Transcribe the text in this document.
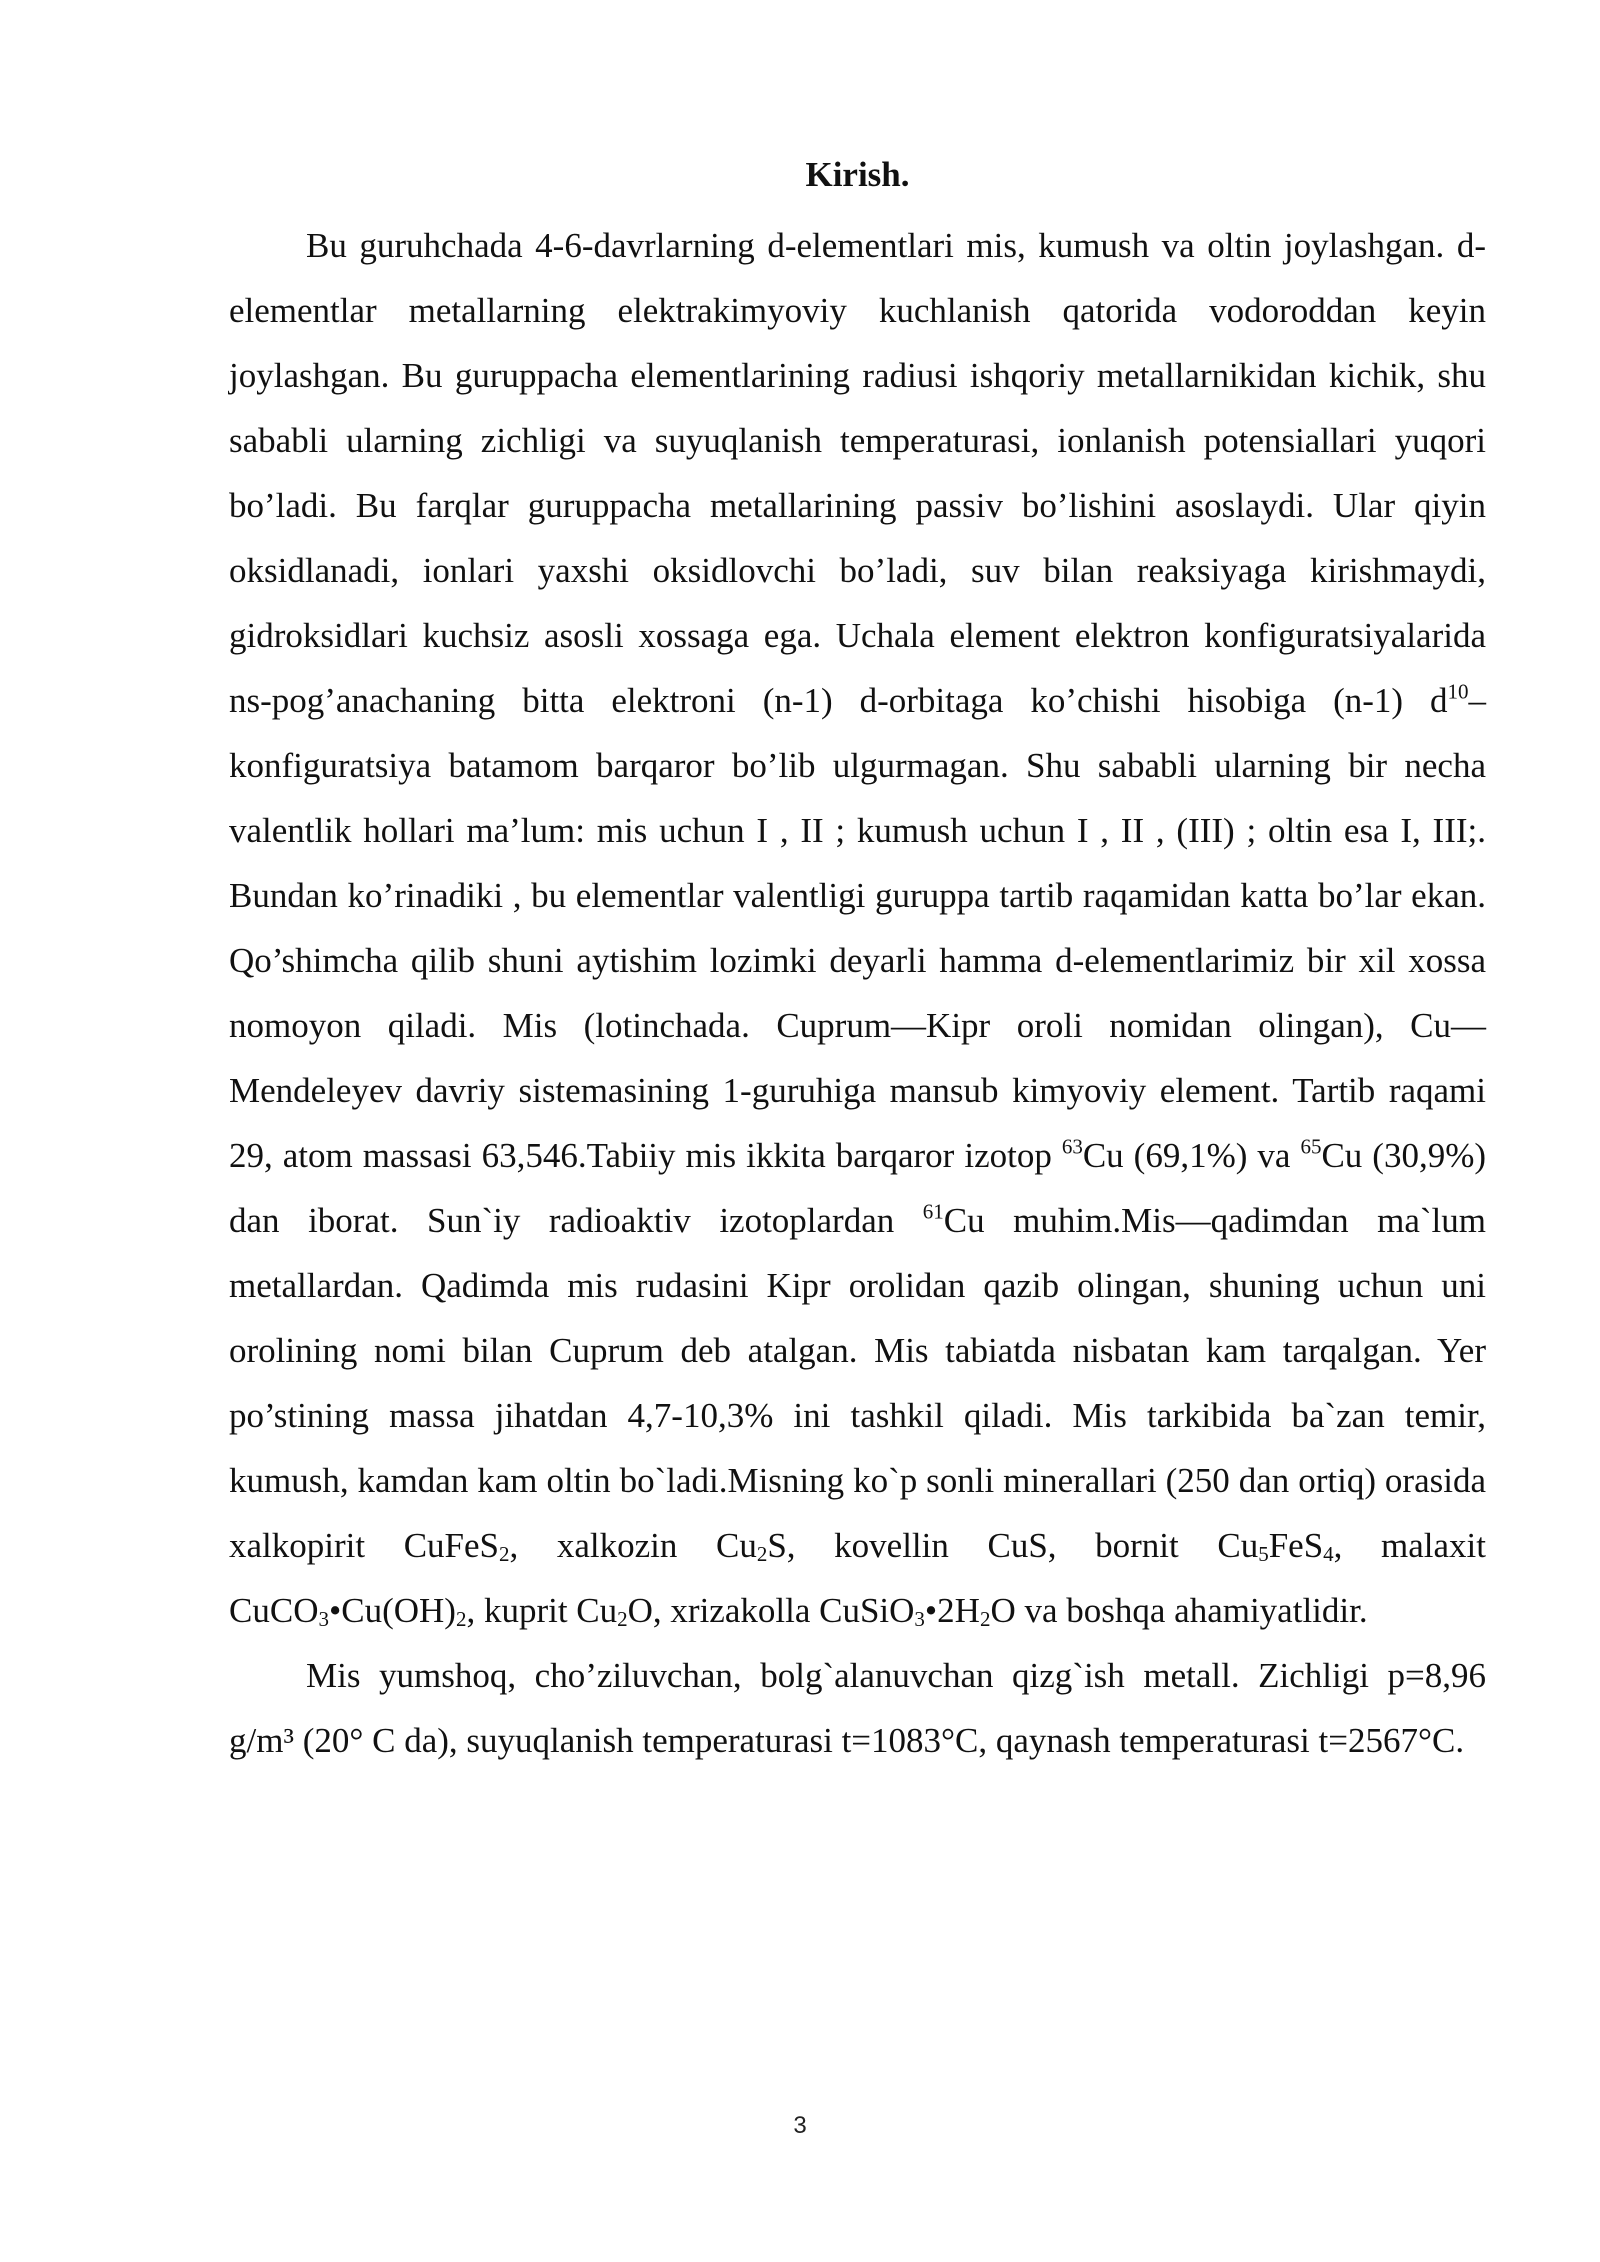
Kirish.

Bu guruhchada 4-6-davrlarning d-elementlari mis, kumush va oltin joylashgan. d-elementlar metallarning elektrakimyoviy kuchlanish qatorida vodoroddan keyin joylashgan. Bu guruppacha elementlarining radiusi ishqoriy metallarnikidan kichik, shu sababli ularning zichligi va suyuqlanish temperaturasi, ionlanish potensiallari yuqori bo’ladi. Bu farqlar guruppacha metallarining passiv bo’lishini asoslaydi. Ular qiyin oksidlanadi, ionlari yaxshi oksidlovchi bo’ladi, suv bilan reaksiyaga kirishmaydi, gidroksidlari kuchsiz asosli xossaga ega. Uchala element elektron konfiguratsiyalarida ns-pog’anachaning bitta elektroni (n-1) d-orbitaga ko’chishi hisobiga (n-1) $d^{10}$–konfiguratsiya batamom barqaror bo’lib ulgurmagan. Shu sababli ularning bir necha valentlik hollari ma’lum: mis uchun I , II ; kumush uchun I , II , (III) ; oltin esa I, III;. Bundan ko’rinadiki , bu elementlar valentligi guruppa tartib raqamidan katta bo’lar ekan. Qo’shimcha qilib shuni aytishim lozimki deyarli hamma d-elementlarimiz bir xil xossa nomoyon qiladi. Mis (lotinchada. Cuprum—Kipr oroli nomidan olingan), Cu—Mendeleyev davriy sistemasining 1-guruhiga mansub kimyoviy element. Tartib raqami 29, atom massasi 63,546.Tabiiy mis ikkita barqaror izotop $^{63}$Cu (69,1%) va $^{65}$Cu (30,9%) dan iborat. Sun`iy radioaktiv izotoplardan $^{61}$Cu muhim.Mis—qadimdan ma`lum metallardan. Qadimda mis rudasini Kipr orolidan qazib olingan, shuning uchun uni orolining nomi bilan Cuprum deb atalgan. Mis tabiatda nisbatan kam tarqalgan. Yer po’stining massa jihatdan 4,7-10,3% ini tashkil qiladi. Mis tarkibida ba`zan temir, kumush, kamdan kam oltin bo`ladi.Misning ko`p sonli minerallari (250 dan ortiq) orasida xalkopirit CuFeS$_2$, xalkozin $Cu_2S$, kovellin CuS, bornit $Cu_5FeS_4$, malaxit $CuCO_3•Cu(OH)_2$, kuprit $Cu_2O$, xrizakolla $CuSiO_3•2H_2O$ va boshqa ahamiyatlidir.

Mis yumshoq, cho’ziluvchan, bolg`alanuvchan qizg`ish metall. Zichligi p=8,96 g/m³ (20° C da), suyuqlanish temperaturasi t=1083°C, qaynash temperaturasi t=2567°C.

3
